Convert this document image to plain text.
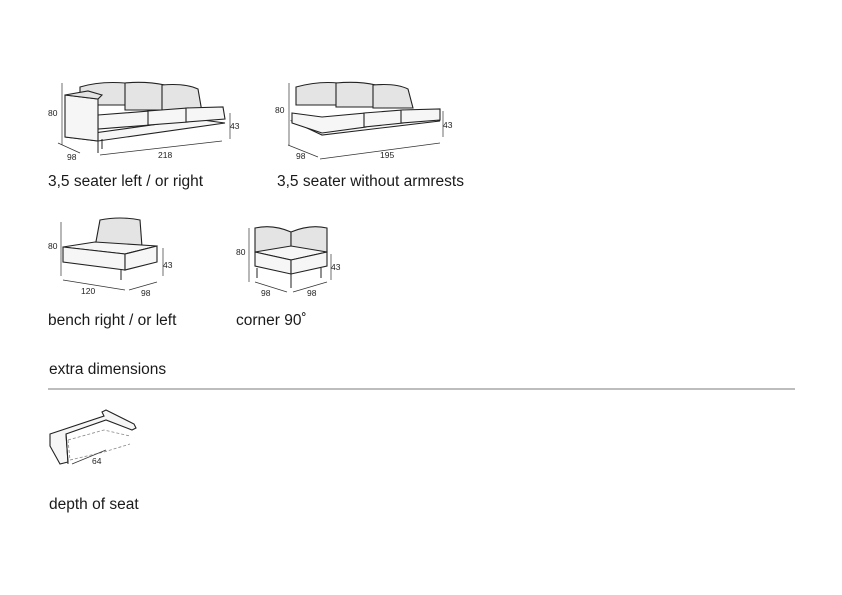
80
43
98	218
3,5 seater left / or right
80
43
98	195
3,5 seater without armrests
80
43
120	98
bench right / or left
80
43
98	98
corner 90˚
extra dimensions
64
depth of seat
